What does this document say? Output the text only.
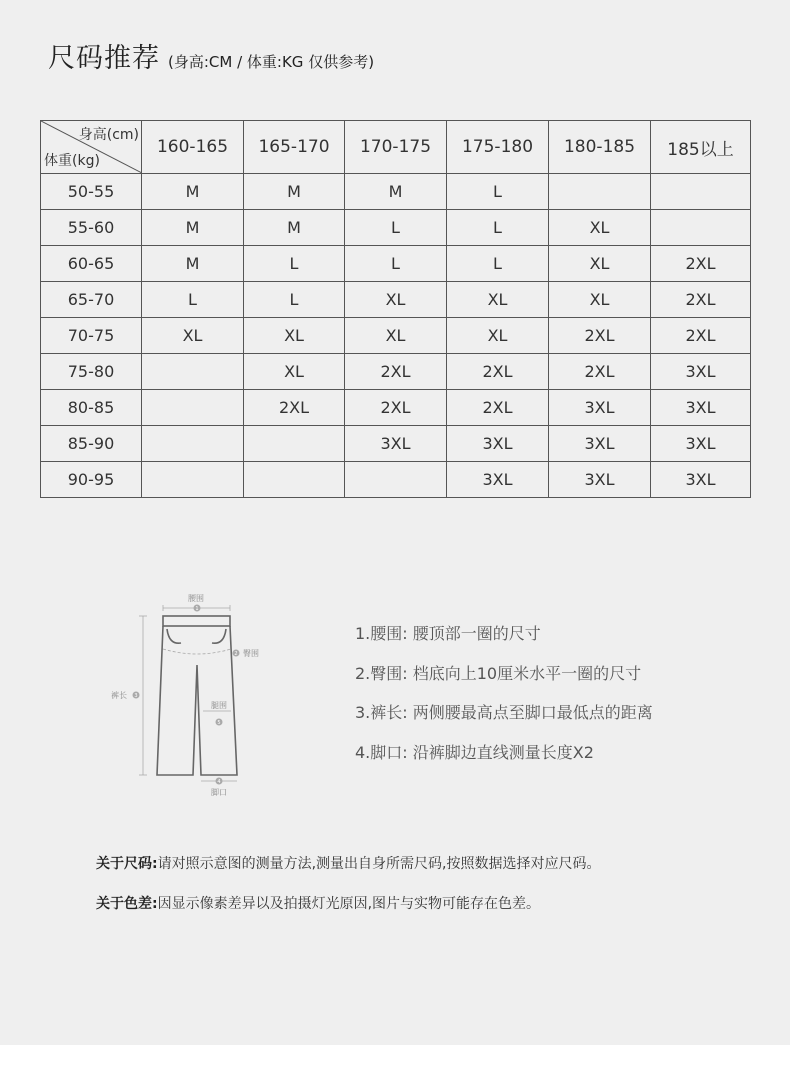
尺码推荐 (身高:CM / 体重:KG 仅供参考)
身高(cm)
体重(kg)	160-165	165-170	170-175	175-180	180-185	185以上
50-55	M	M	M	L		
55-60	M	M	L	L	XL	
60-65	M	L	L	L	XL	2XL
65-70	L	L	XL	XL	XL	2XL
70-75	XL	XL	XL	XL	2XL	2XL
75-80		XL	2XL	2XL	2XL	3XL
80-85		2XL	2XL	2XL	3XL	3XL
85-90			3XL	3XL	3XL	3XL
90-95				3XL	3XL	3XL
1
2
3
5
4
腰围
臀围
裤长
腿围
脚口
1.腰围: 腰顶部一圈的尺寸
2.臀围: 档底向上10厘米水平一圈的尺寸
3.裤长: 两侧腰最高点至脚口最低点的距离
4.脚口: 沿裤脚边直线测量长度X2
关于尺码:请对照示意图的测量方法,测量出自身所需尺码,按照数据选择对应尺码。
关于色差:因显示像素差异以及拍摄灯光原因,图片与实物可能存在色差。
